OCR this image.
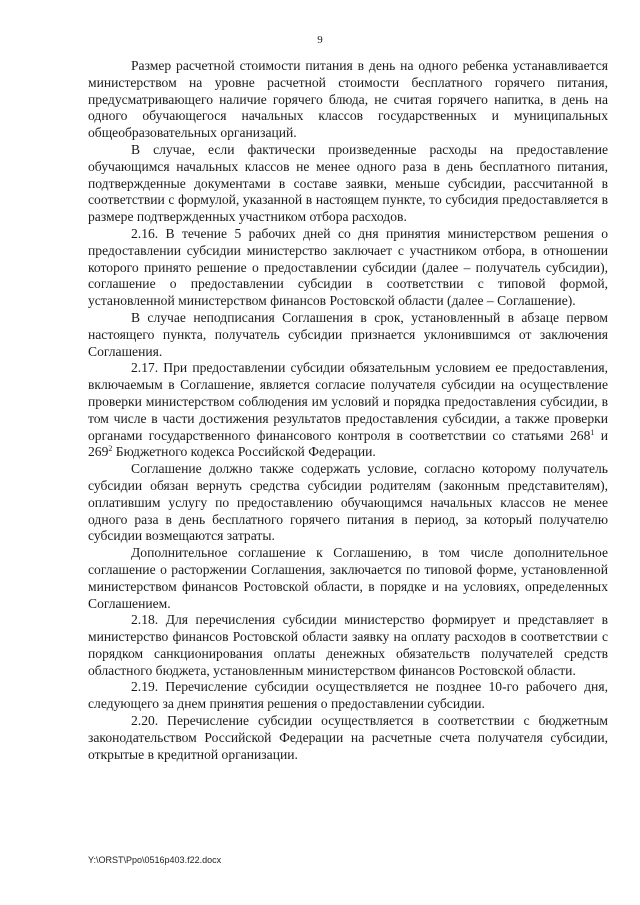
9

Размер расчетной стоимости питания в день на одного ребенка устанавливается министерством на уровне расчетной стоимости бесплатного горячего питания, предусматривающего наличие горячего блюда, не считая горячего напитка, в день на одного обучающегося начальных классов государственных и муниципальных общеобразовательных организаций.

В случае, если фактически произведенные расходы на предоставление обучающимся начальных классов не менее одного раза в день бесплатного питания, подтвержденные документами в составе заявки, меньше субсидии, рассчитанной в соответствии с формулой, указанной в настоящем пункте, то субсидия предоставляется в размере подтвержденных участником отбора расходов.

2.16. В течение 5 рабочих дней со дня принятия министерством решения о предоставлении субсидии министерство заключает с участником отбора, в отношении которого принято решение о предоставлении субсидии (далее – получатель субсидии), соглашение о предоставлении субсидии в соответствии с типовой формой, установленной министерством финансов Ростовской области (далее – Соглашение).

В случае неподписания Соглашения в срок, установленный в абзаце первом настоящего пункта, получатель субсидии признается уклонившимся от заключения Соглашения.

2.17. При предоставлении субсидии обязательным условием ее предоставления, включаемым в Соглашение, является согласие получателя субсидии на осуществление проверки министерством соблюдения им условий и порядка предоставления субсидии, в том числе в части достижения результатов предоставления субсидии, а также проверки органами государственного финансового контроля в соответствии со статьями $268^1$ и $269^2$ Бюджетного кодекса Российской Федерации.

Соглашение должно также содержать условие, согласно которому получатель субсидии обязан вернуть средства субсидии родителям (законным представителям), оплатившим услугу по предоставлению обучающимся начальных классов не менее одного раза в день бесплатного горячего питания в период, за который получателю субсидии возмещаются затраты.

Дополнительное соглашение к Соглашению, в том числе дополнительное соглашение о расторжении Соглашения, заключается по типовой форме, установленной министерством финансов Ростовской области, в порядке и на условиях, определенных Соглашением.

2.18. Для перечисления субсидии министерство формирует и представляет в министерство финансов Ростовской области заявку на оплату расходов в соответствии с порядком санкционирования оплаты денежных обязательств получателей средств областного бюджета, установленным министерством финансов Ростовской области.

2.19. Перечисление субсидии осуществляется не позднее 10-го рабочего дня, следующего за днем принятия решения о предоставлении субсидии.

2.20. Перечисление субсидии осуществляется в соответствии с бюджетным законодательством Российской Федерации на расчетные счета получателя субсидии, открытые в кредитной организации.

Y:\ORST\Ppo\0516p403.f22.docx
